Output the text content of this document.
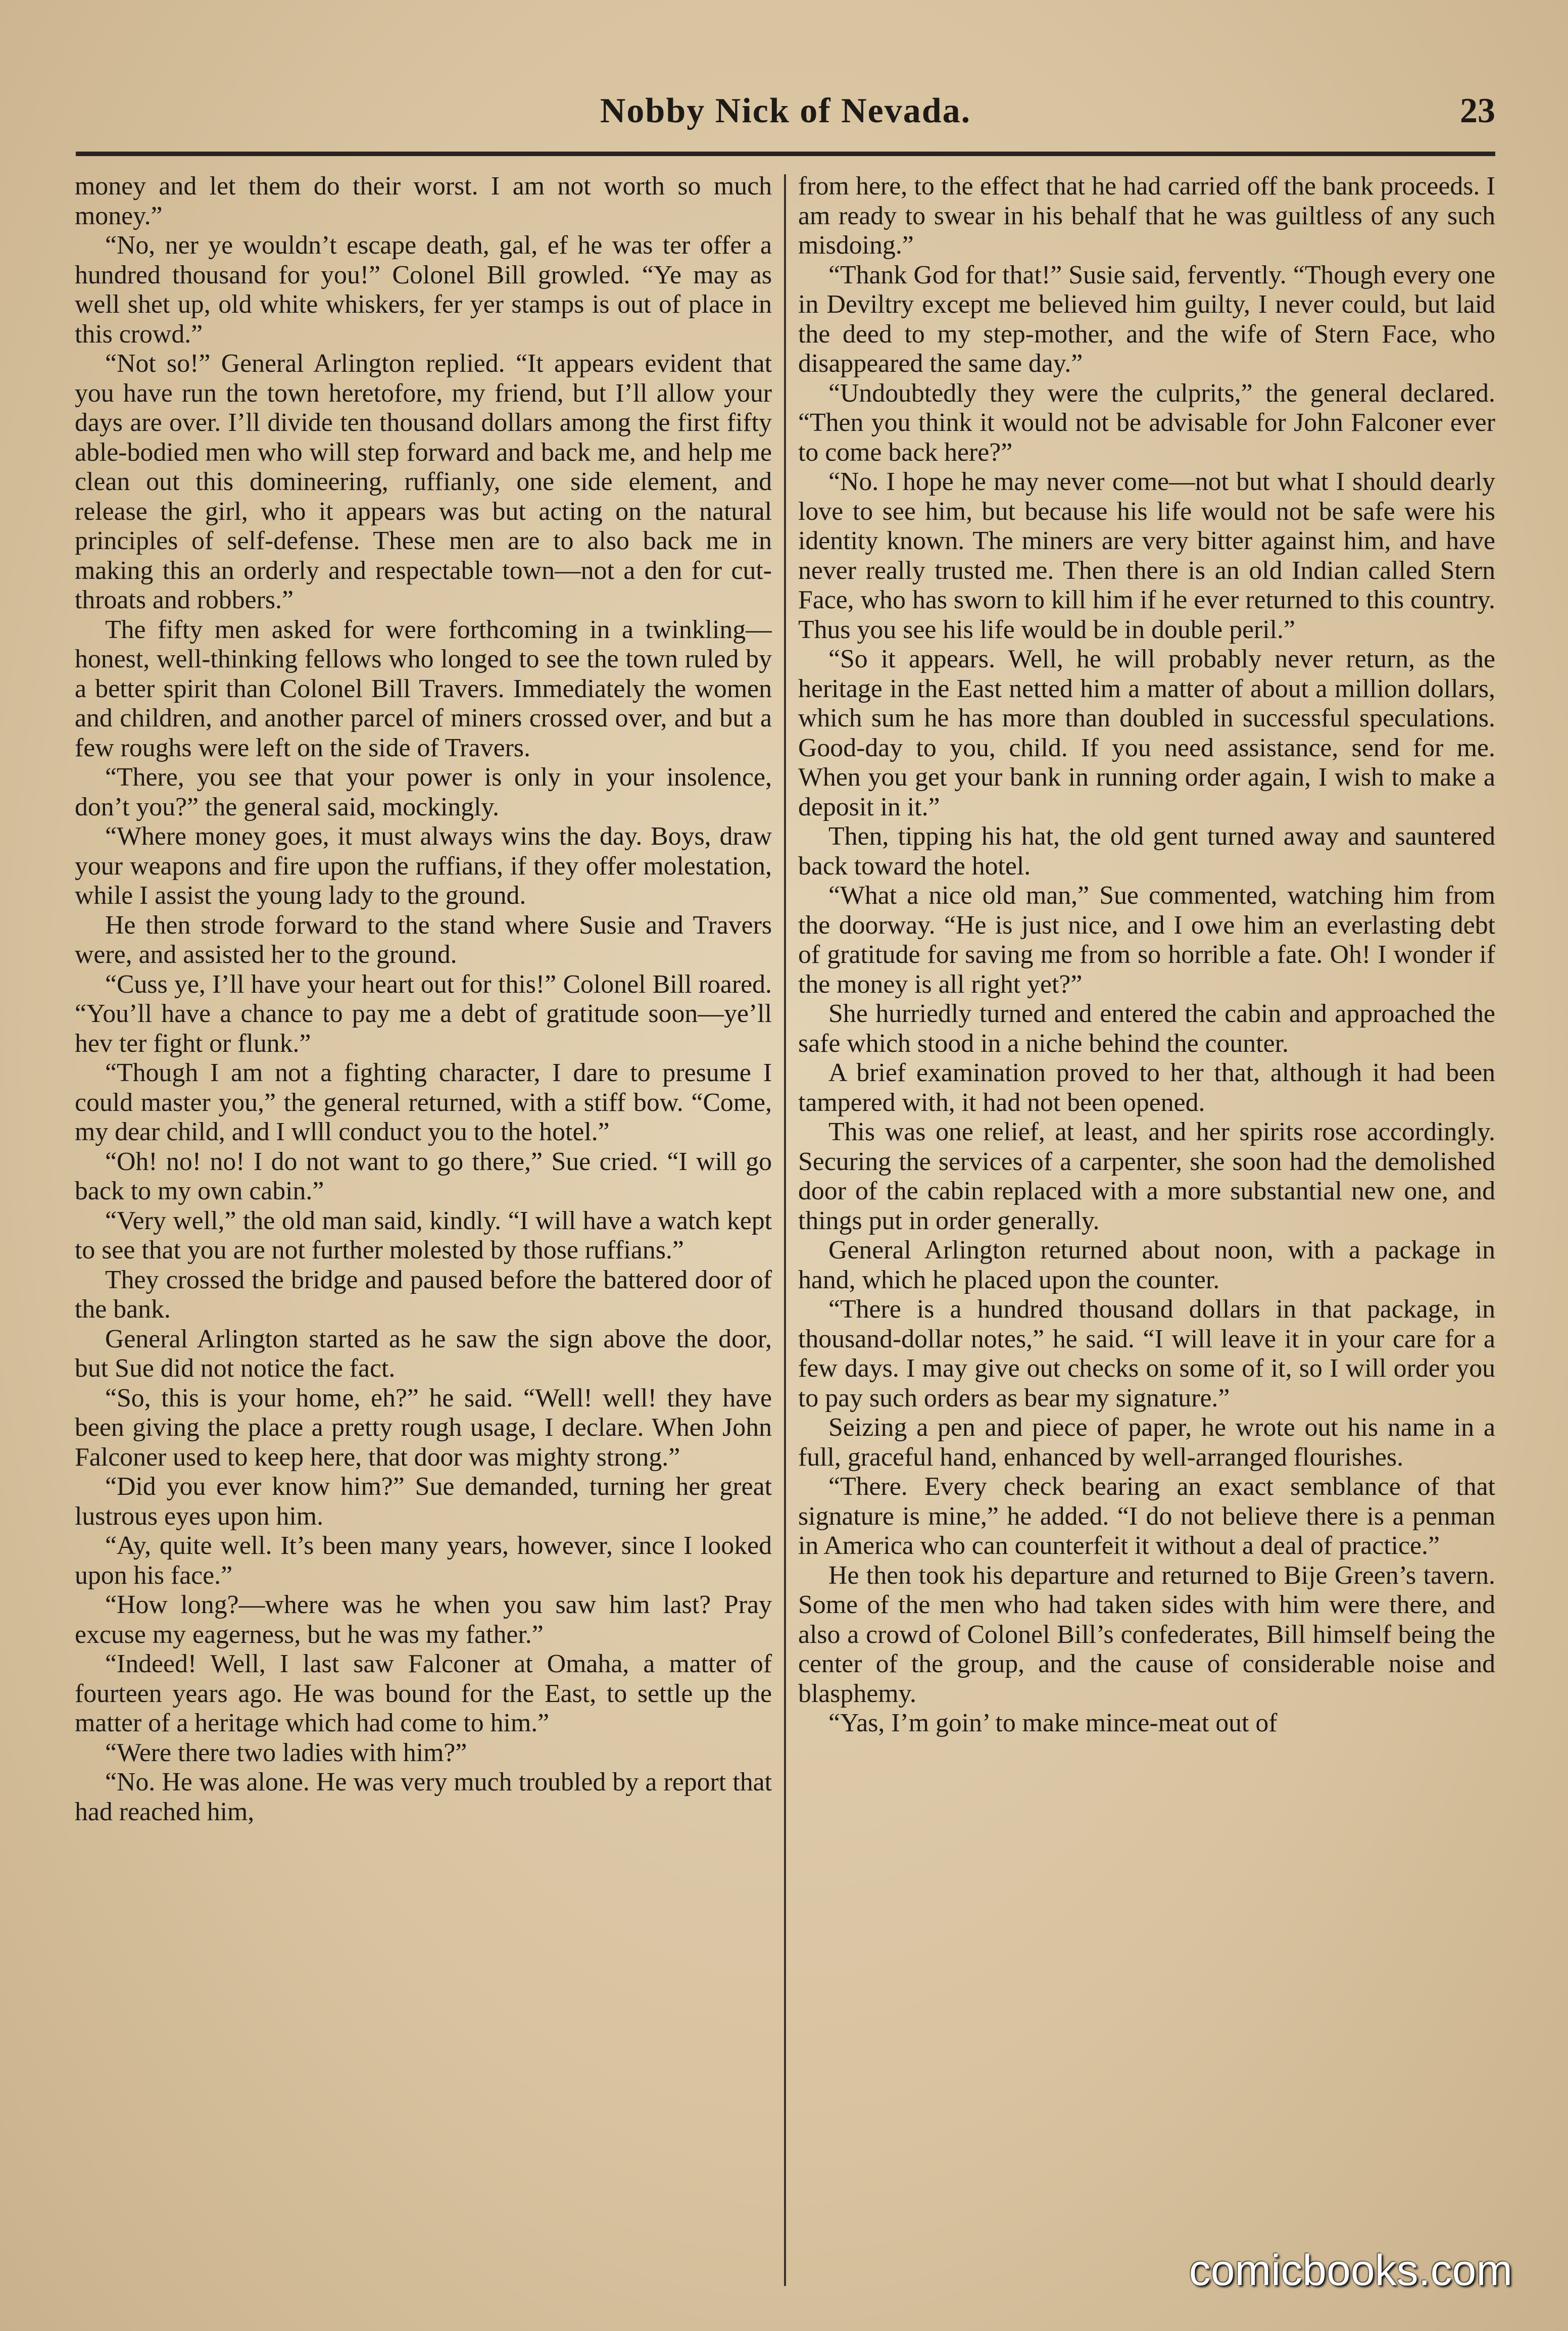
Nobby Nick of Nevada.	23

money and let them do their worst. I am not worth so much money.”

“No, ner ye wouldn’t escape death, gal, ef he was ter offer a hundred thousand for you!” Colonel Bill growled. “Ye may as well shet up, old white whiskers, fer yer stamps is out of place in this crowd.”

“Not so!” General Arlington replied. “It appears evident that you have run the town heretofore, my friend, but I’ll allow your days are over. I’ll divide ten thousand dollars among the first fifty able-bodied men who will step forward and back me, and help me clean out this domineering, ruffianly, one side element, and release the girl, who it appears was but acting on the natural principles of self-defense. These men are to also back me in making this an orderly and respectable town—not a den for cut-throats and robbers.”

The fifty men asked for were forthcoming in a twinkling—honest, well-thinking fellows who longed to see the town ruled by a better spirit than Colonel Bill Travers. Immediately the women and children, and another parcel of miners crossed over, and but a few roughs were left on the side of Travers.

“There, you see that your power is only in your insolence, don’t you?” the general said, mockingly.

“Where money goes, it must always wins the day. Boys, draw your weapons and fire upon the ruffians, if they offer molestation, while I assist the young lady to the ground.

He then strode forward to the stand where Susie and Travers were, and assisted her to the ground.

“Cuss ye, I’ll have your heart out for this!” Colonel Bill roared. “You’ll have a chance to pay me a debt of gratitude soon—ye’ll hev ter fight or flunk.”

“Though I am not a fighting character, I dare to presume I could master you,” the general returned, with a stiff bow. “Come, my dear child, and I wlll conduct you to the hotel.”

“Oh! no! no! I do not want to go there,” Sue cried. “I will go back to my own cabin.”

“Very well,” the old man said, kindly. “I will have a watch kept to see that you are not further molested by those ruffians.”

They crossed the bridge and paused before the battered door of the bank.

General Arlington started as he saw the sign above the door, but Sue did not notice the fact.

“So, this is your home, eh?” he said. “Well! well! they have been giving the place a pretty rough usage, I declare. When John Falconer used to keep here, that door was mighty strong.”

“Did you ever know him?” Sue demanded, turning her great lustrous eyes upon him.

“Ay, quite well. It’s been many years, however, since I looked upon his face.”

“How long?—where was he when you saw him last? Pray excuse my eagerness, but he was my father.”

“Indeed! Well, I last saw Falconer at Omaha, a matter of fourteen years ago. He was bound for the East, to settle up the matter of a heritage which had come to him.”

“Were there two ladies with him?”

“No. He was alone. He was very much troubled by a report that had reached him,

from here, to the effect that he had carried off the bank proceeds. I am ready to swear in his behalf that he was guiltless of any such misdoing.”

“Thank God for that!” Susie said, fervently. “Though every one in Deviltry except me believed him guilty, I never could, but laid the deed to my step-mother, and the wife of Stern Face, who disappeared the same day.”

“Undoubtedly they were the culprits,” the general declared. “Then you think it would not be advisable for John Falconer ever to come back here?”

“No. I hope he may never come—not but what I should dearly love to see him, but because his life would not be safe were his identity known. The miners are very bitter against him, and have never really trusted me. Then there is an old Indian called Stern Face, who has sworn to kill him if he ever returned to this country. Thus you see his life would be in double peril.”

“So it appears. Well, he will probably never return, as the heritage in the East netted him a matter of about a million dollars, which sum he has more than doubled in successful speculations. Good-day to you, child. If you need assistance, send for me. When you get your bank in running order again, I wish to make a deposit in it.”

Then, tipping his hat, the old gent turned away and sauntered back toward the hotel.

“What a nice old man,” Sue commented, watching him from the doorway. “He is just nice, and I owe him an everlasting debt of gratitude for saving me from so horrible a fate. Oh! I wonder if the money is all right yet?”

She hurriedly turned and entered the cabin and approached the safe which stood in a niche behind the counter.

A brief examination proved to her that, although it had been tampered with, it had not been opened.

This was one relief, at least, and her spirits rose accordingly. Securing the services of a carpenter, she soon had the demolished door of the cabin replaced with a more substantial new one, and things put in order generally.

General Arlington returned about noon, with a package in hand, which he placed upon the counter.

“There is a hundred thousand dollars in that package, in thousand-dollar notes,” he said. “I will leave it in your care for a few days. I may give out checks on some of it, so I will order you to pay such orders as bear my signature.”

Seizing a pen and piece of paper, he wrote out his name in a full, graceful hand, enhanced by well-arranged flourishes.

“There. Every check bearing an exact semblance of that signature is mine,” he added. “I do not believe there is a penman in America who can counterfeit it without a deal of practice.”

He then took his departure and returned to Bije Green’s tavern. Some of the men who had taken sides with him were there, and also a crowd of Colonel Bill’s confederates, Bill himself being the center of the group, and the cause of considerable noise and blasphemy.

“Yas, I’m goin’ to make mince-meat out of

comicbooks.com
